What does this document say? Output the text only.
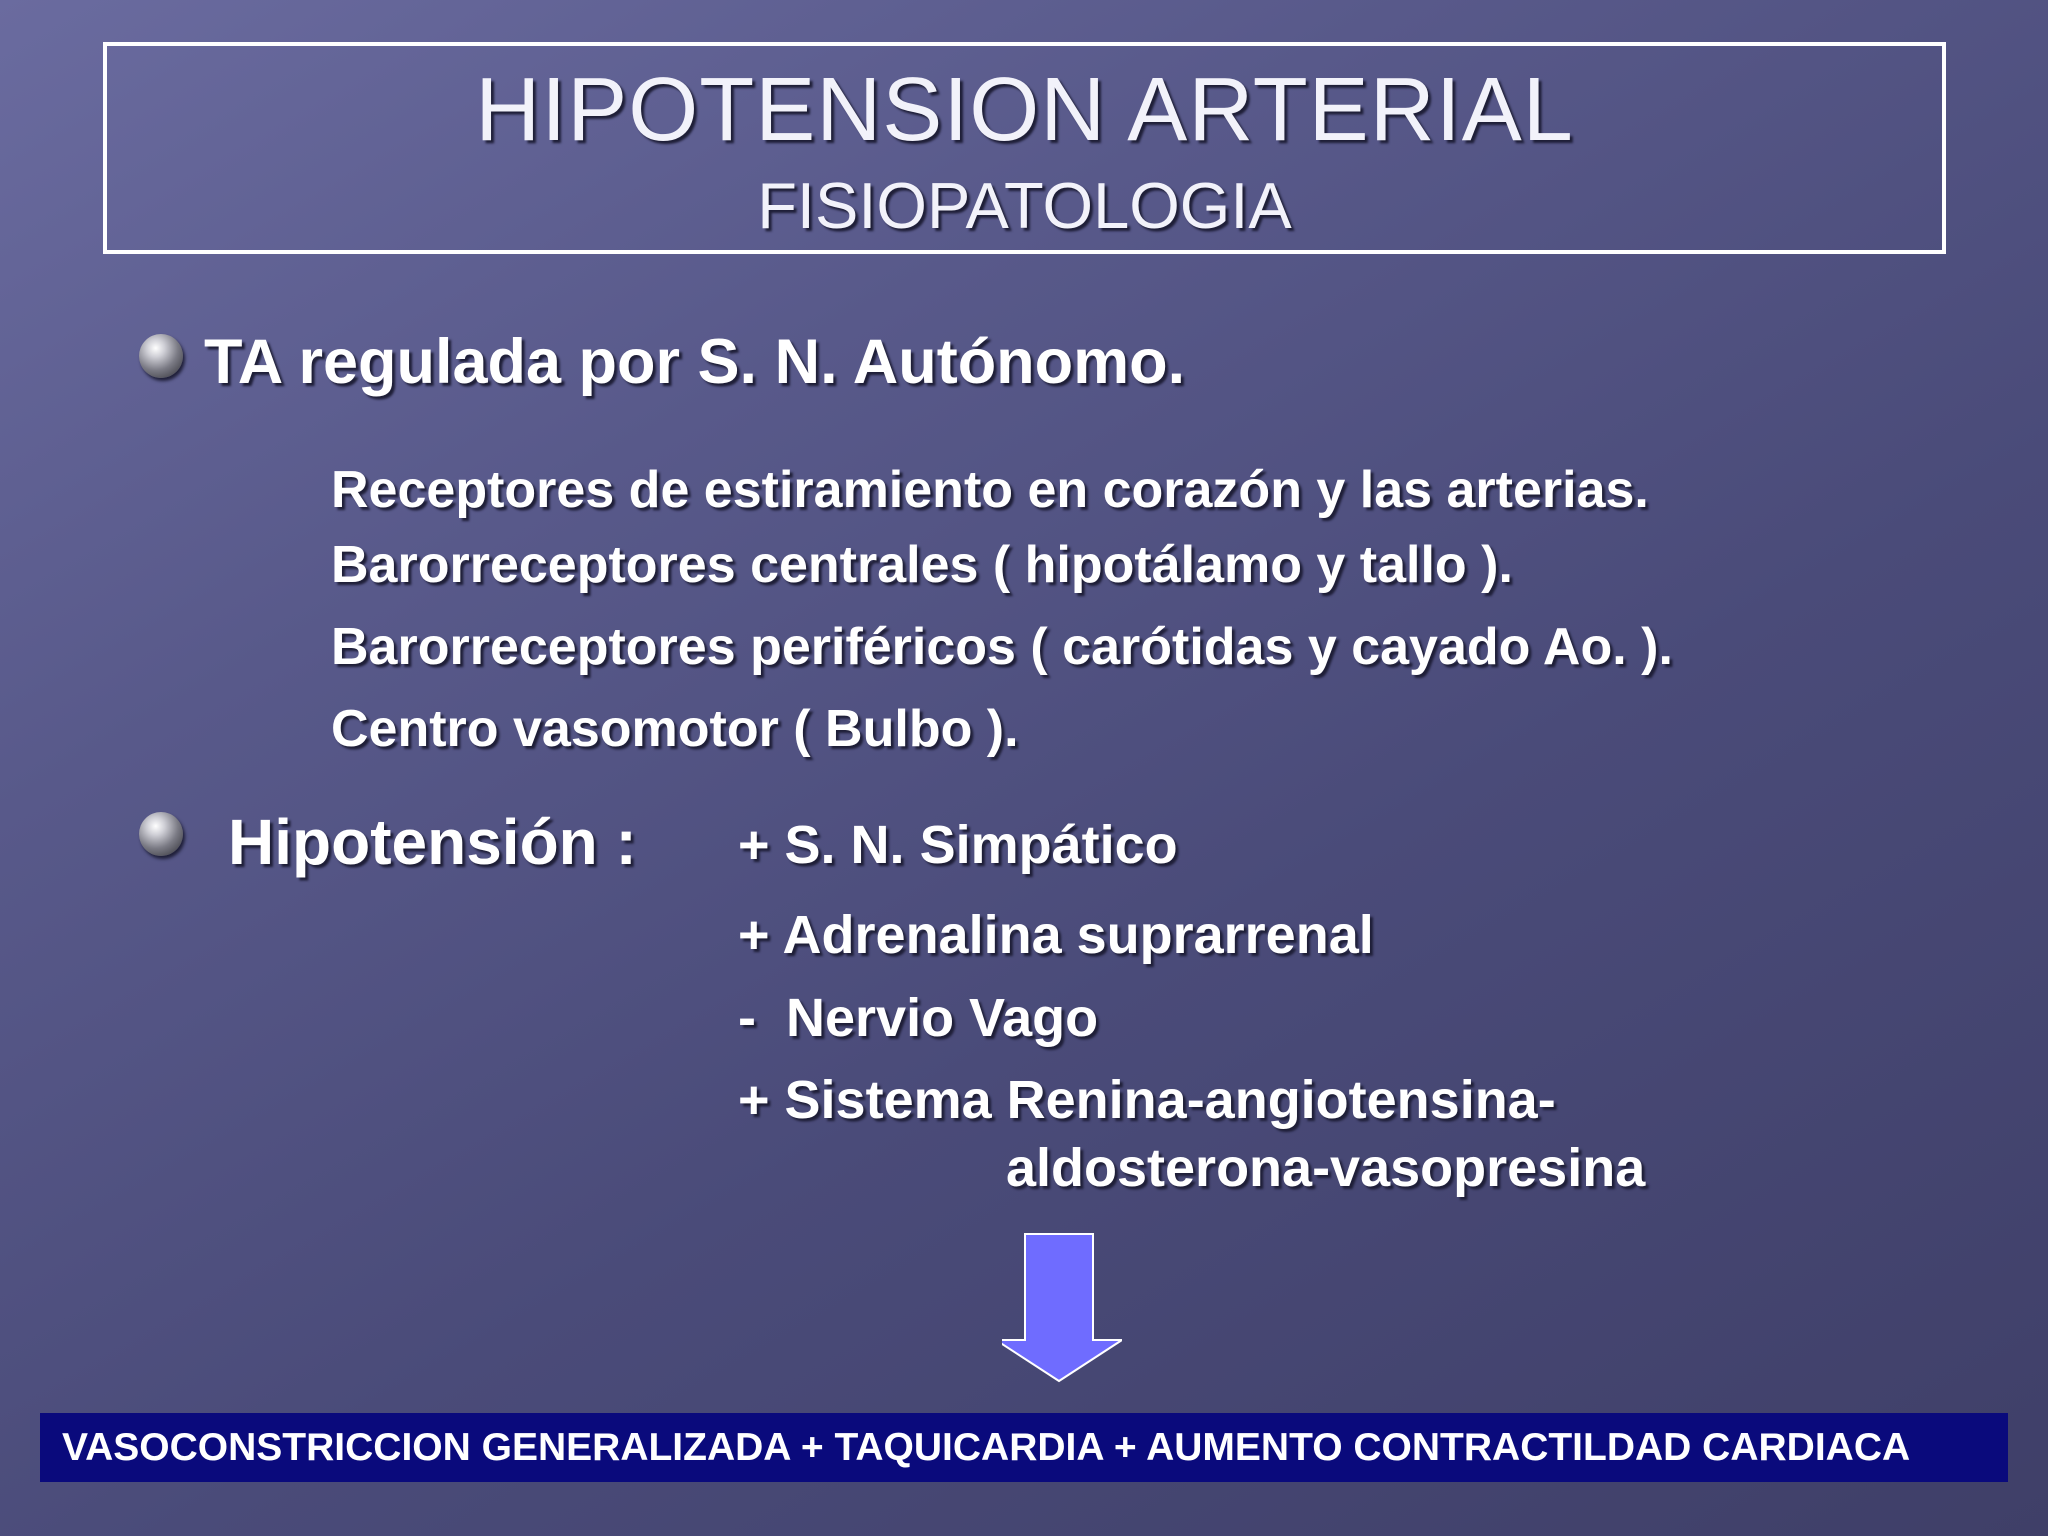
HIPOTENSION ARTERIAL
FISIOPATOLOGIA
TA regulada por S. N. Autónomo.
Receptores de estiramiento en corazón y las arterias.
Barorreceptores centrales ( hipotálamo y tallo ).
Barorreceptores periféricos ( carótidas y cayado Ao. ).
Centro vasomotor ( Bulbo ).
Hipotensión : + S. N. Simpático
+ Adrenalina suprarrenal
-  Nervio Vago
+ Sistema Renina-angiotensina-
aldosterona-vasopresina
VASOCONSTRICCION GENERALIZADA + TAQUICARDIA + AUMENTO CONTRACTILDAD CARDIACA
